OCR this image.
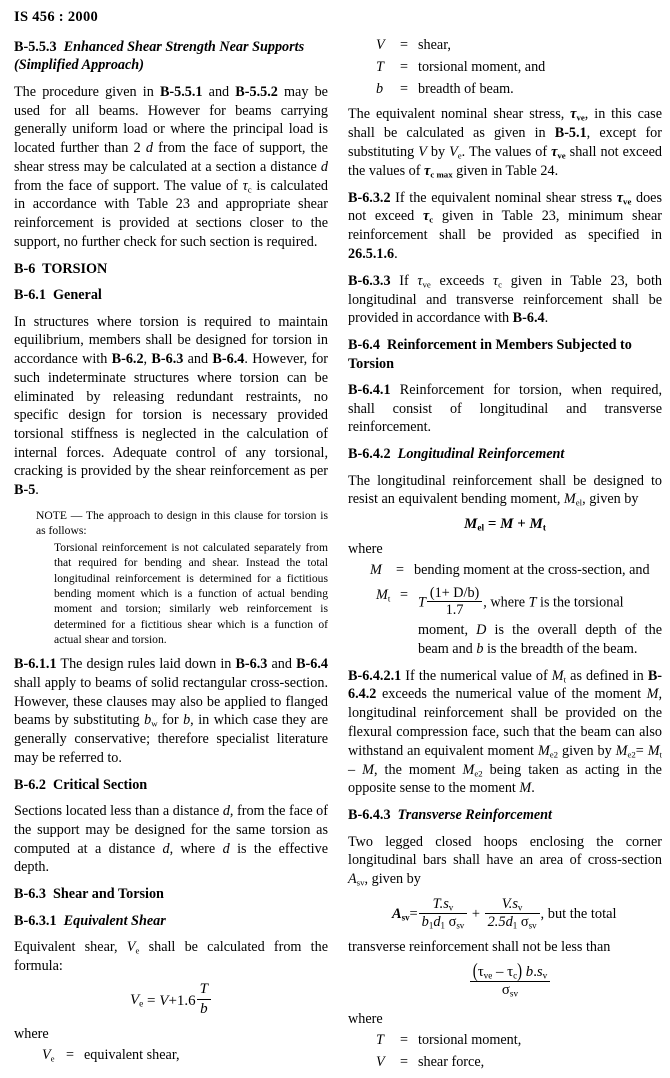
IS 456 : 2000
B-5.5.3 Enhanced Shear Strength Near Supports (Simplified Approach)

The procedure given in B-5.5.1 and B-5.5.2 may be used for all beams. However for beams carrying generally uniform load or where the principal load is located further than 2 d from the face of support, the shear stress may be calculated at a section a distance d from the face of support. The value of $\tau_c$ is calculated in accordance with Table 23 and appropriate shear reinforcement is provided at sections closer to the support, no further check for such section is required.

B-6 TORSION
B-6.1 General

In structures where torsion is required to maintain equilibrium, members shall be designed for torsion in accordance with B-6.2, B-6.3 and B-6.4. However, for such indeterminate structures where torsion can be eliminated by releasing redundant restraints, no specific design for torsion is necessary provided torsional stiffness is neglected in the calculation of internal forces. Adequate control of any torsional, cracking is provided by the shear reinforcement as per B-5.

NOTE — The approach to design in this clause for torsion is as follows:

Torsional reinforcement is not calculated separately from that required for bending and shear. Instead the total longitudinal reinforcement is determined for a fictitious bending moment which is a function of actual bending moment and torsion; similarly web reinforcement is determined for a fictitious shear which is a function of actual shear and torsion.

B-6.1.1 The design rules laid down in B-6.3 and B-6.4 shall apply to beams of solid rectangular cross-section. However, these clauses may also be applied to flanged beams by substituting $b_w$ for b, in which case they are generally conservative; therefore specialist literature may be referred to.

B-6.2 Critical Section

Sections located less than a distance d, from the face of the support may be designed for the same torsion as computed at a distance d, where d is the effective depth.

B-6.3 Shear and Torsion
B-6.3.1 Equivalent Shear

Equivalent shear, $V_e$ shall be calculated from the formula:

$V_e = V+1.6 \frac{T}{b}$
where
$V_e$ = equivalent shear,
V	= shear,
T	= torsional moment, and
b	= breadth of beam.

The equivalent nominal shear stress, $\tau_{ve}$, in this case shall be calculated as given in B-5.1, except for substituting V by $V_e$. The values of $\tau_{ve}$ shall not exceed the values of $\tau_{c max}$ given in Table 24.

B-6.3.2 If the equivalent nominal shear stress $\tau_{ve}$ does not exceed $\tau_c$ given in Table 23, minimum shear reinforcement shall be provided as specified in 26.5.1.6.

B-6.3.3 If $\tau_{ve}$ exceeds $\tau_c$ given in Table 23, both longitudinal and transverse reinforcement shall be provided in accordance with B-6.4.

B-6.4 Reinforcement in Members Subjected to Torsion

B-6.4.1 Reinforcement for torsion, when required, shall consist of longitudinal and transverse reinforcement.

B-6.4.2 Longitudinal Reinforcement

The longitudinal reinforcement shall be designed to resist an equivalent bending moment, $M_{el}$, given by

$M_{el} = M + M_t$
where
M = bending moment at the cross-section, and
$M_t = T \frac{(1+ D/b)}{1.7}$ , where T is the torsional
moment, D is the overall depth of the beam and b is the breadth of the beam.

B-6.4.2.1 If the numerical value of $M_t$ as defined in B-6.4.2 exceeds the numerical value of the moment M, longitudinal reinforcement shall be provided on the flexural compression face, such that the beam can also withstand an equivalent moment $M_{e2}$ given by $M_{e2}= M_t - M$, the moment $M_{e2}$ being taken as acting in the opposite sense to the moment M.

B-6.4.3 Transverse Reinforcement

Two legged closed hoops enclosing the corner longitudinal bars shall have an area of cross-section $A_{sv}$, given by

$A_{sv}= \frac{T.s_v}{b_1d_1 \sigma_{sv}} + \frac{V.s_v}{2.5d_1 \sigma_{sv}}$ , but the total

transverse reinforcement shall not be less than

$\frac{(\tau_{ve} - \tau_c) b.s_v}{\sigma_{sv}}$
where
T	= torsional moment,
V	= shear force,
